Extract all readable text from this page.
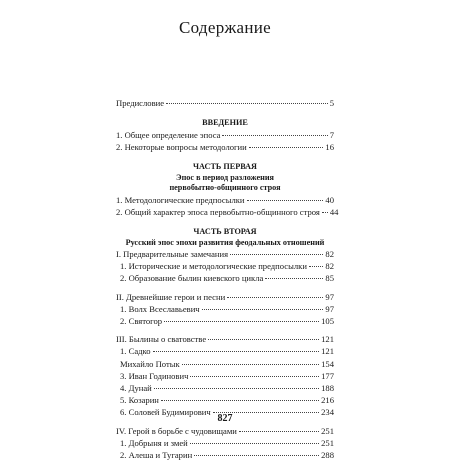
Содержание
Предисловие	5
ВВЕДЕНИЕ
1. Общее определение эпоса	7
2. Некоторые вопросы методологии	16
ЧАСТЬ ПЕРВАЯ
Эпос в период разложения
первобытно-общинного строя
1. Методологические предпосылки	40
2. Общий характер эпоса первобытно-общинного строя 44
ЧАСТЬ ВТОРАЯ
Русский эпос эпохи развития феодальных отношений
I. Предварительные замечания	82
1. Исторические и методологические предпосылки 82
2. Образование былин киевского цикла	85
II. Древнейшие герои и песни	97
1. Волх Всеславьевич	97
2. Святогор	105
III. Былины о сватовстве	121
1. Садко	121
Михайло Потык	154
3. Иван Годинович	177
4. Дунай	188
5. Козарин	216
6. Соловей Будимирович	234
IV. Герой в борьбе с чудовищами	251
1. Добрыня и змей	251
2. Алеша и Тугарин	288
827
